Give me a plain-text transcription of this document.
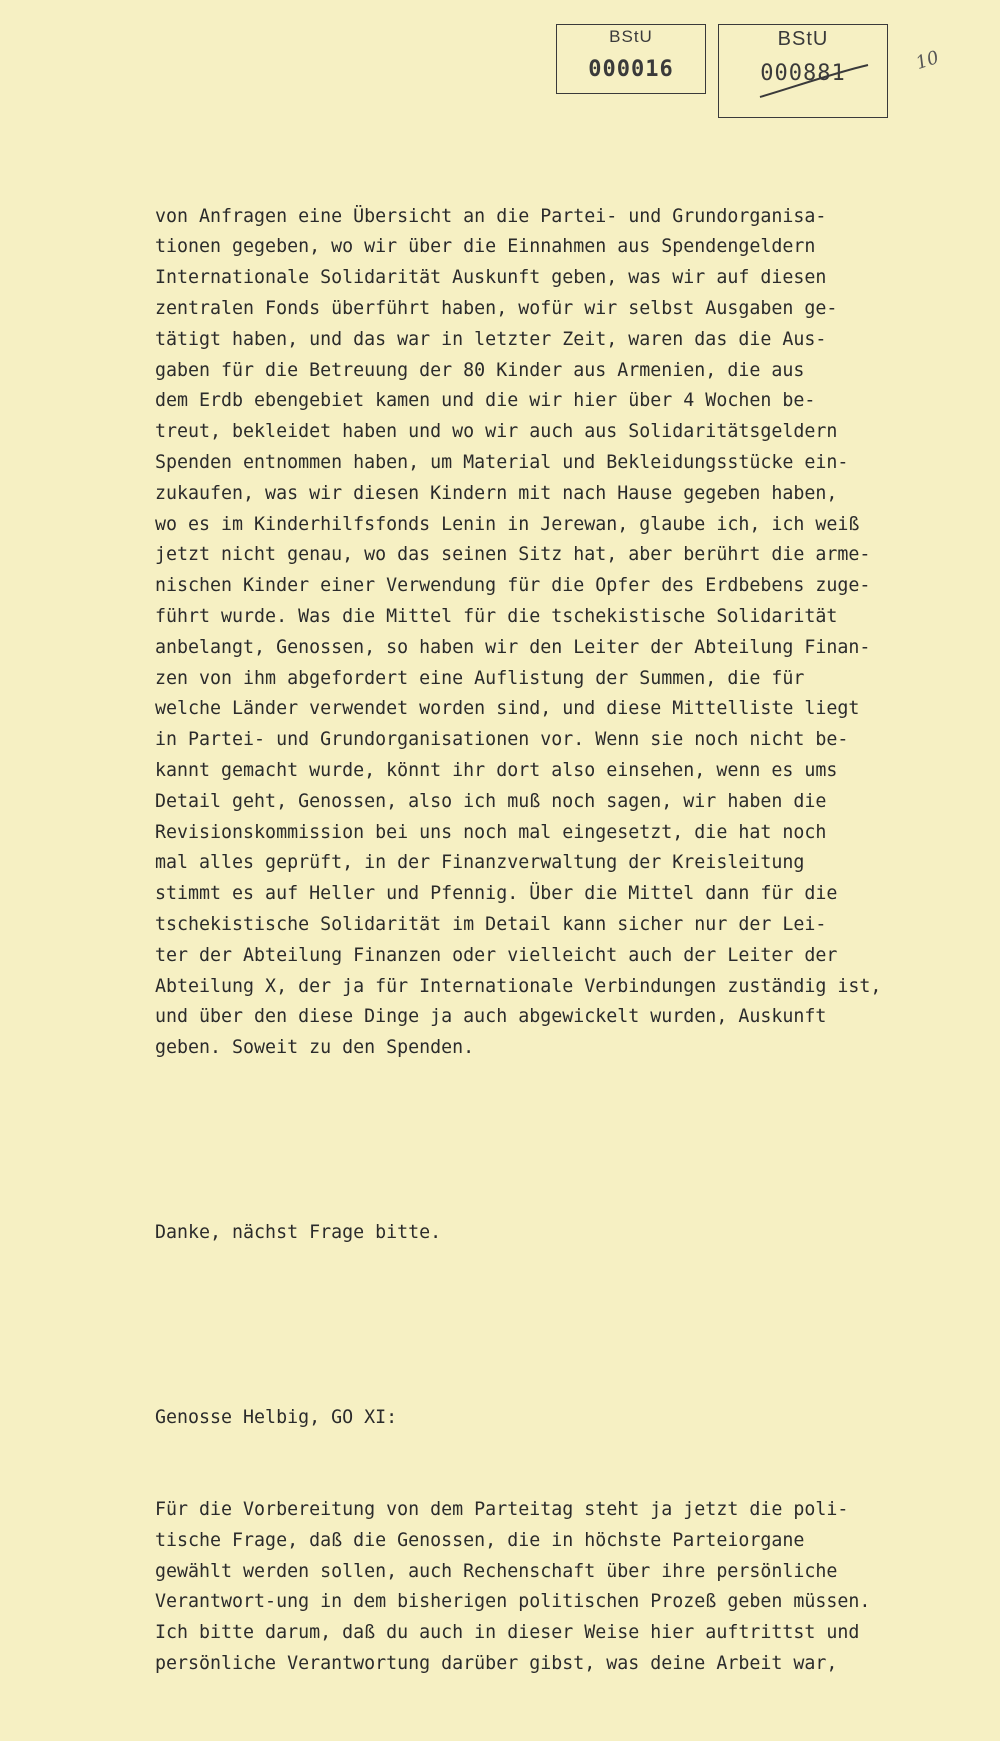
BStU
000016
BStU
000881	10

von Anfragen eine Übersicht an die Partei- und Grundorganisa-
tionen gegeben, wo wir über die Einnahmen aus Spendengeldern
Internationale Solidarität Auskunft geben, was wir auf diesen
zentralen Fonds überführt haben, wofür wir selbst Ausgaben ge-
tätigt haben, und das war in letzter Zeit, waren das die Aus-
gaben für die Betreuung der 80 Kinder aus Armenien, die aus
dem Erdb ebengebiet kamen und die wir hier über 4 Wochen be-
treut, bekleidet haben und wo wir auch aus Solidaritätsgeldern
Spenden entnommen haben, um Material und Bekleidungsstücke ein-
zukaufen, was wir diesen Kindern mit nach Hause gegeben haben,
wo es im Kinderhilfsfonds Lenin in Jerewan, glaube ich, ich weiß
jetzt nicht genau, wo das seinen Sitz hat, aber berührt die arme-
nischen Kinder einer Verwendung für die Opfer des Erdbebens zuge-
führt wurde. Was die Mittel für die tschekistische Solidarität
anbelangt, Genossen, so haben wir den Leiter der Abteilung Finan-
zen von ihm abgefordert eine Auflistung der Summen, die für
welche Länder verwendet worden sind, und diese Mittelliste liegt
in Partei- und Grundorganisationen vor. Wenn sie noch nicht be-
kannt gemacht wurde, könnt ihr dort also einsehen, wenn es ums
Detail geht, Genossen, also ich muß noch sagen, wir haben die
Revisionskommission bei uns noch mal eingesetzt, die hat noch
mal alles geprüft, in der Finanzverwaltung der Kreisleitung
stimmt es auf Heller und Pfennig. Über die Mittel dann für die
tschekistische Solidarität im Detail kann sicher nur der Lei-
ter der Abteilung Finanzen oder vielleicht auch der Leiter der
Abteilung X, der ja für Internationale Verbindungen zuständig ist,
und über den diese Dinge ja auch abgewickelt wurden, Auskunft
geben. Soweit zu den Spenden.

Danke, nächst Frage bitte.

Genosse Helbig, GO XI:

Für die Vorbereitung von dem Parteitag steht ja jetzt die poli-
tische Frage, daß die Genossen, die in höchste Parteiorgane
gewählt werden sollen, auch Rechenschaft über ihre persönliche
Verantwort-ung in dem bisherigen politischen Prozeß geben müssen.
Ich bitte darum, daß du auch in dieser Weise hier auftrittst und
persönliche Verantwortung darüber gibst, was deine Arbeit war,
